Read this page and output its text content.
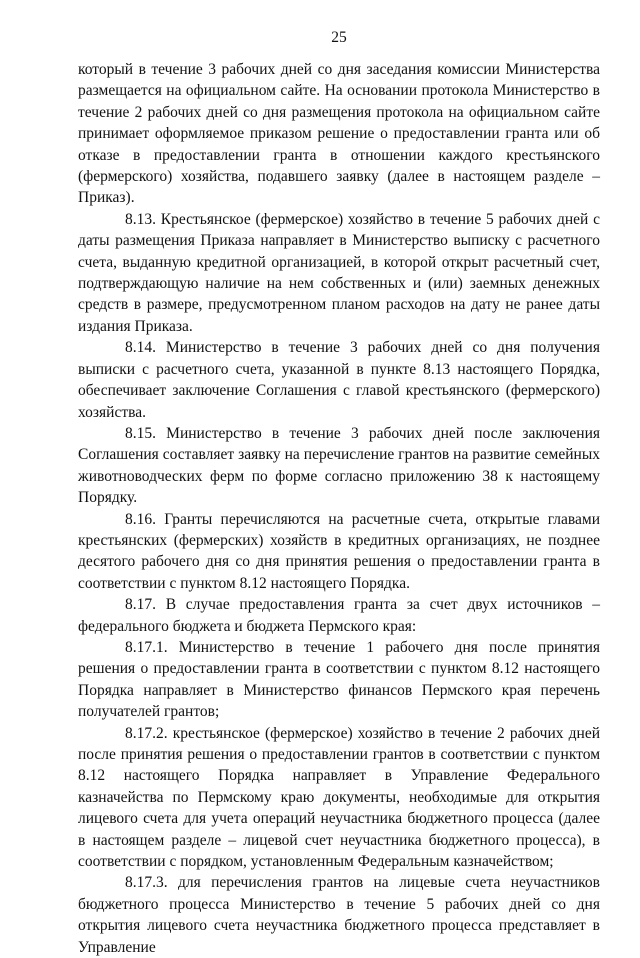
25

который в течение 3 рабочих дней со дня заседания комиссии Министерства размещается на официальном сайте. На основании протокола Министерство в течение 2 рабочих дней со дня размещения протокола на официальном сайте принимает оформляемое приказом решение о предоставлении гранта или об отказе в предоставлении гранта в отношении каждого крестьянского (фермерского) хозяйства, подавшего заявку (далее в настоящем разделе – Приказ).

8.13. Крестьянское (фермерское) хозяйство в течение 5 рабочих дней с даты размещения Приказа направляет в Министерство выписку с расчетного счета, выданную кредитной организацией, в которой открыт расчетный счет, подтверждающую наличие на нем собственных и (или) заемных денежных средств в размере, предусмотренном планом расходов на дату не ранее даты издания Приказа.

8.14. Министерство в течение 3 рабочих дней со дня получения выписки с расчетного счета, указанной в пункте 8.13 настоящего Порядка, обеспечивает заключение Соглашения с главой крестьянского (фермерского) хозяйства.

8.15. Министерство в течение 3 рабочих дней после заключения Соглашения составляет заявку на перечисление грантов на развитие семейных животноводческих ферм по форме согласно приложению 38 к настоящему Порядку.

8.16. Гранты перечисляются на расчетные счета, открытые главами крестьянских (фермерских) хозяйств в кредитных организациях, не позднее десятого рабочего дня со дня принятия решения о предоставлении гранта в соответствии с пунктом 8.12 настоящего Порядка.

8.17. В случае предоставления гранта за счет двух источников – федерального бюджета и бюджета Пермского края:

8.17.1. Министерство в течение 1 рабочего дня после принятия решения о предоставлении гранта в соответствии с пунктом 8.12 настоящего Порядка направляет в Министерство финансов Пермского края перечень получателей грантов;

8.17.2. крестьянское (фермерское) хозяйство в течение 2 рабочих дней после принятия решения о предоставлении грантов в соответствии с пунктом 8.12 настоящего Порядка направляет в Управление Федерального казначейства по Пермскому краю документы, необходимые для открытия лицевого счета для учета операций неучастника бюджетного процесса (далее в настоящем разделе – лицевой счет неучастника бюджетного процесса), в соответствии с порядком, установленным Федеральным казначейством;

8.17.3. для перечисления грантов на лицевые счета неучастников бюджетного процесса Министерство в течение 5 рабочих дней со дня открытия лицевого счета неучастника бюджетного процесса представляет в Управление
